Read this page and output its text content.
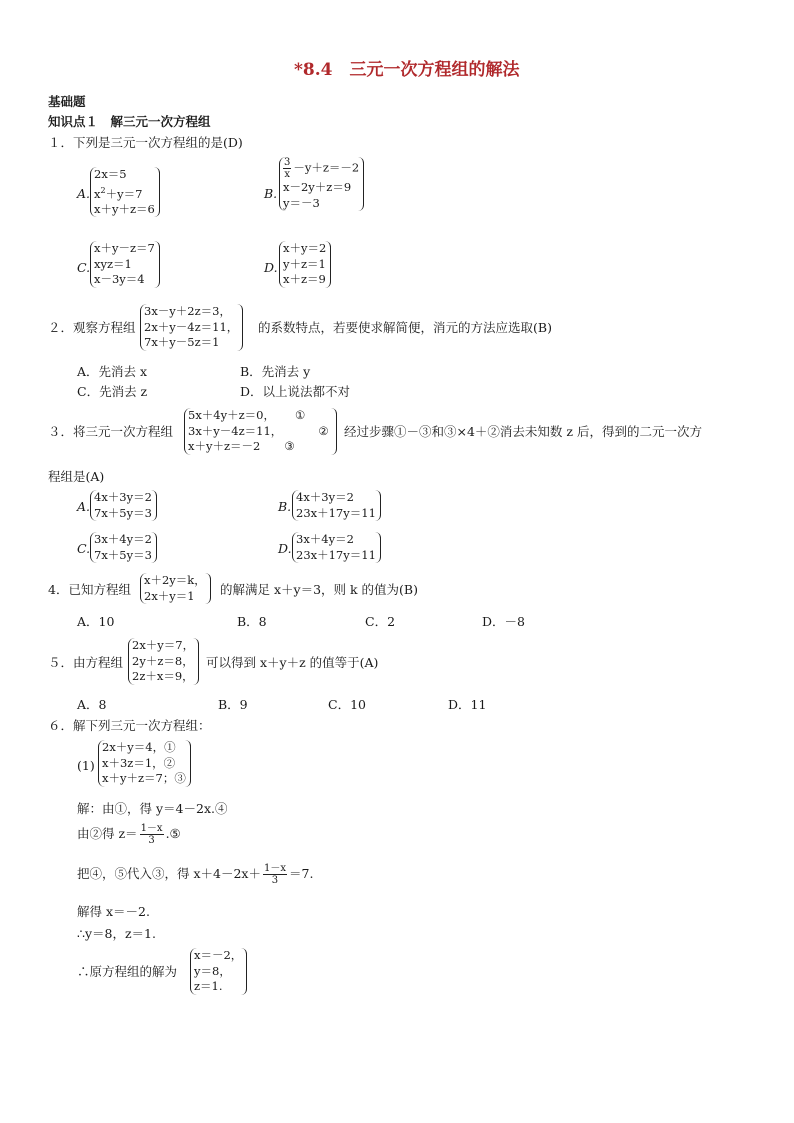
*8.4　三元一次方程组的解法
基础题
知识点１　解三元一次方程组
１．下列是三元一次方程组的是(D)
A.
2x＝5
$x^2+y=7$
x＋y＋z＝6
B.
$\frac{3}{x} -y+z=-2$
x－2y＋z＝9
y＝－3
C.
x＋y－z＝7
xyz＝1
x－3y＝4
D.
x＋y＝2
y＋z＝1
x＋z＝9
２．观察方程组
3x－y＋2z＝3，
2x＋y－4z＝11，
7x＋y－5z＝1
的系数特点，若要使求解简便，消元的方法应选取(B)
A．先消去 x	B．先消去 y
C．先消去 z	D．以上说法都不对
３．将三元一次方程组
5x＋4y＋z＝0， ①
3x＋y－4z＝11，	②
x＋y＋z＝－2 ③
经过步骤①－③和③×4＋②消去未知数 z 后，得到的二元一次方
程组是(A)
A.
4x＋3y＝2
7x＋5y＝3	B.
4x＋3y＝2
23x＋17y＝11
C.
3x＋4y＝2
7x＋5y＝3	D.
3x＋4y＝2
23x＋17y＝11
4．已知方程组
x＋2y＝k，
2x＋y＝1	的解满足 x＋y＝3，则 k 的值为(B)
A．10	B．8	C．2	D．－8
５．由方程组
2x＋y＝7，
2y＋z＝8，
2z＋x＝9，
可以得到 x＋y＋z 的值等于(A)
A．8	B．9	C．10	D．11
６．解下列三元一次方程组：
(1)
2x＋y＝4，①
x＋3z＝1，②
x＋y＋z＝7；③
解：由①，得 y＝4－2x.④
由②得 $z= \frac{1-x}{3}$ .⑤
把④，⑤代入③，得 $x+4-2x+ \frac{1-x}{3} =7$.
解得 x＝－2.
∴y＝8，z＝1.
∴原方程组的解为
x＝－2，
y＝8，
z＝1.
